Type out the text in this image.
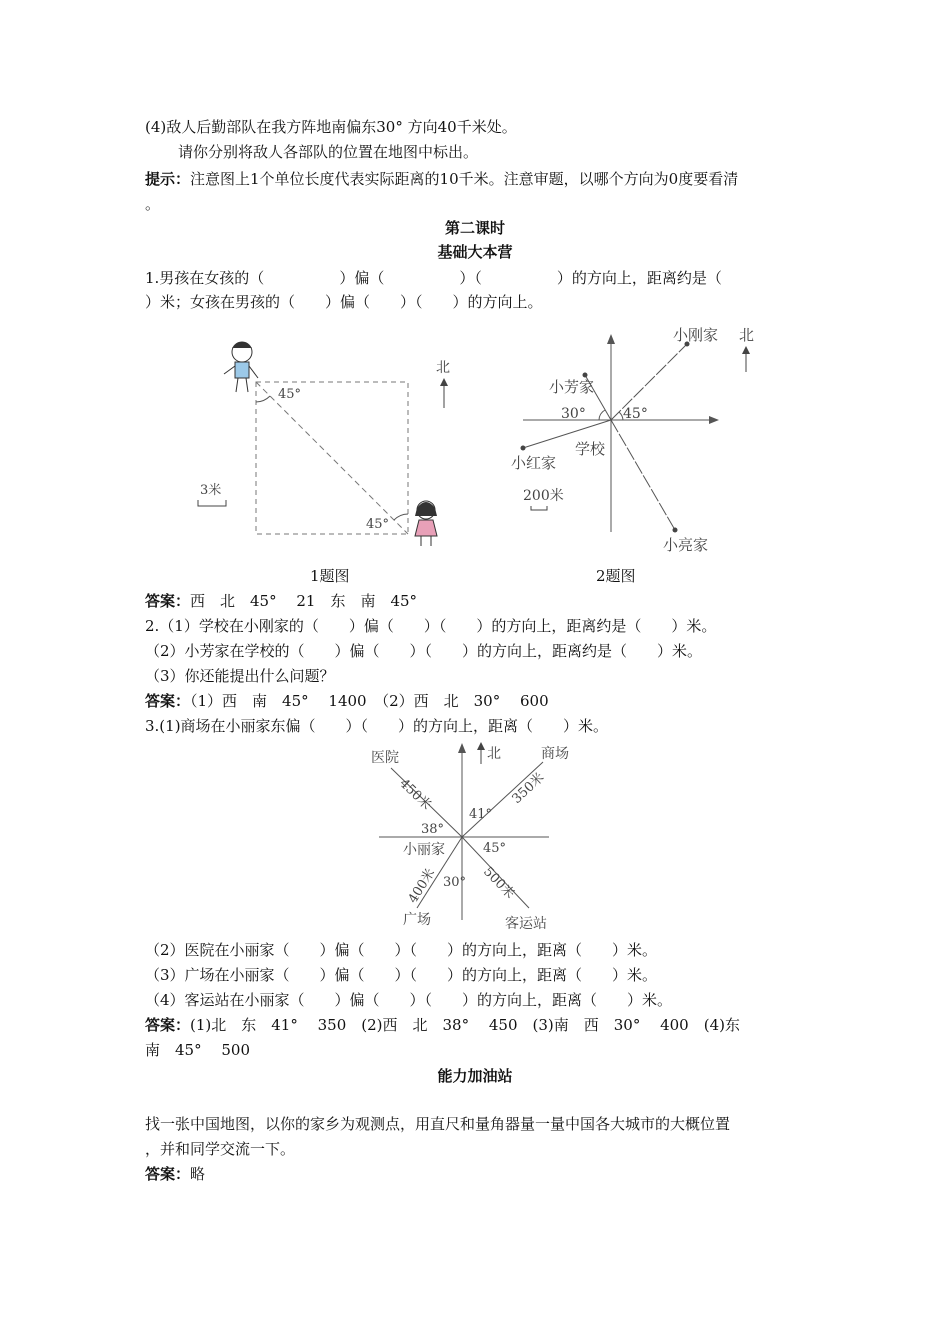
(4)敌人后勤部队在我方阵地南偏东30° 方向40千米处。
请你分别将敌人各部队的位置在地图中标出。
提示：注意图上1个单位长度代表实际距离的10千米。注意审题，以哪个方向为0度要看清
。
第二课时
基础大本营
1.男孩在女孩的（　　　　　）偏（　　　　　）（　　　　　）的方向上，距离约是（
）米；女孩在男孩的（　　）偏（　　）（　　）的方向上。
45°
45°
北
3米
30°	45°
小刚家
小芳家
学校
小红家
小亮家
北
200米
1题图	2题图
答案：西　北　45°　 21　东　南　45°
2.（1）学校在小刚家的（　　）偏（　　）（　　）的方向上，距离约是（　　）米。
（2）小芳家在学校的（　　）偏（　　）（　　）的方向上，距离约是（　　）米。
（3）你还能提出什么问题？
答案：（1）西　南　45°　 1400　（2）西　北　30°　 600
3.(1)商场在小丽家东偏（　　）（　　）的方向上，距离（　　）米。
北
医院	商场
小丽家
广场	客运站
450米	350米
400米	500米
41°
38°
45°
30°
（2）医院在小丽家（　　）偏（　　）（　　）的方向上，距离（　　）米。
（3）广场在小丽家（　　）偏（　　）（　　）的方向上，距离（　　）米。
（4）客运站在小丽家（　　）偏（　　）（　　）的方向上，距离（　　）米。
答案：(1)北　东　41°　 350　(2)西　北　38°　 450　(3)南　西　30°　 400　(4)东
南　45°　 500
能力加油站
找一张中国地图，以你的家乡为观测点，用直尺和量角器量一量中国各大城市的大概位置
，并和同学交流一下。
答案：略
